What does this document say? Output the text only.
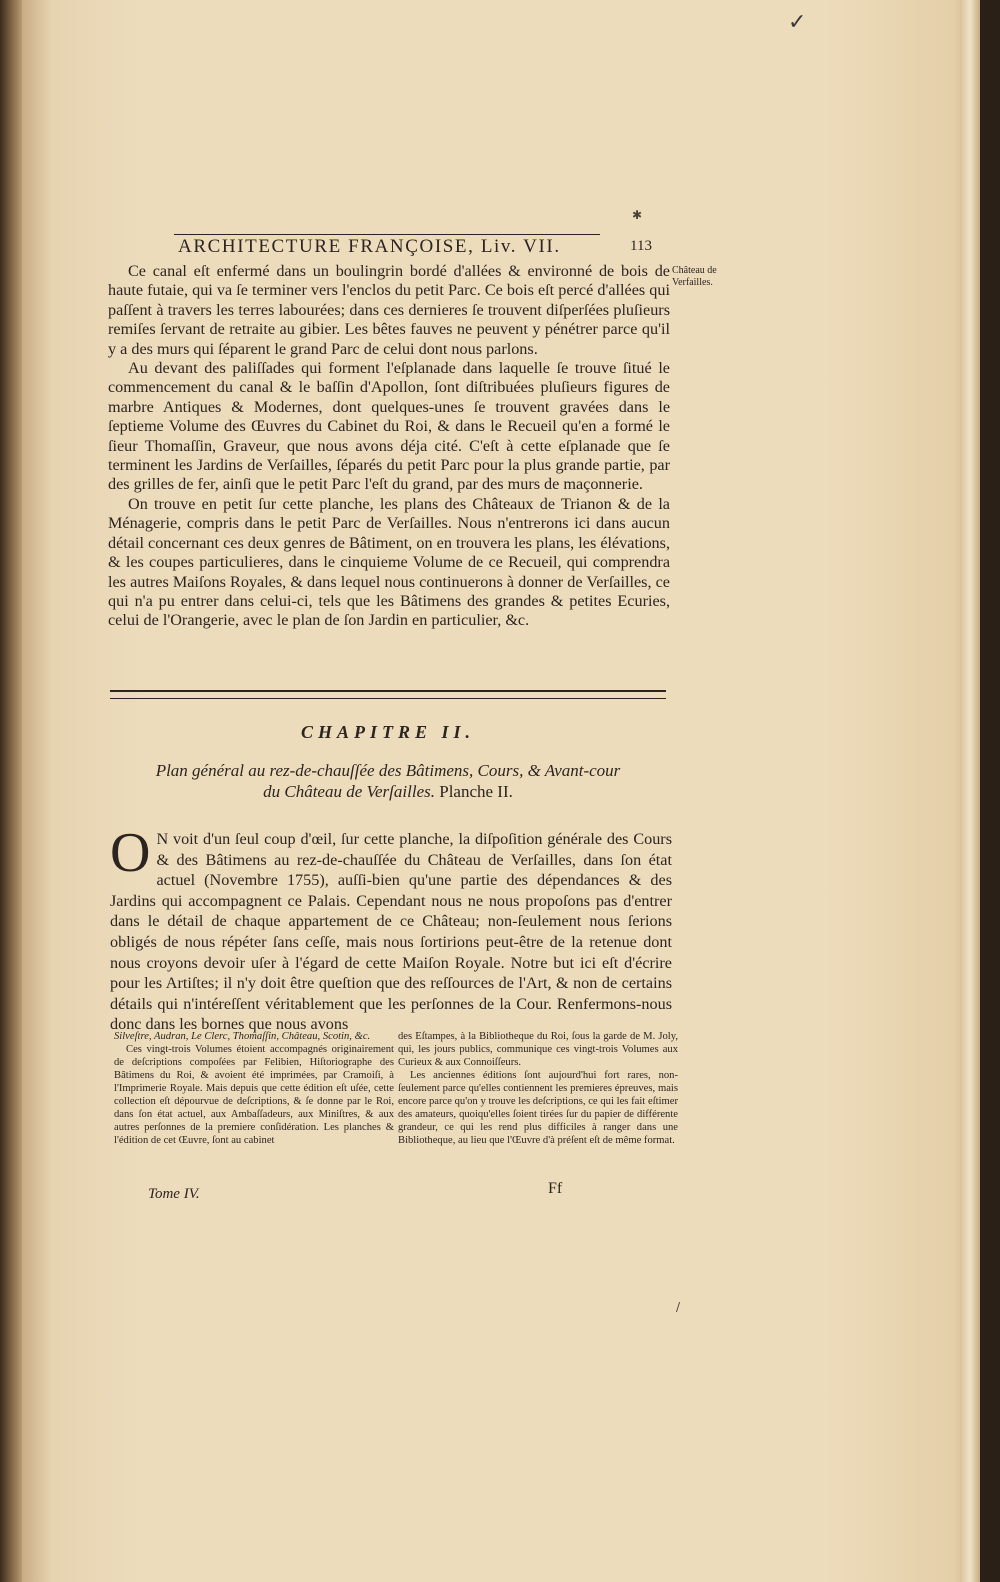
✓
✱
/
ARCHITECTURE FRANÇOISE, Liv. VII.	113
Château de Verfailles.

Ce canal eſt enfermé dans un boulingrin bordé d'allées & environné de bois de haute futaie, qui va ſe terminer vers l'enclos du petit Parc. Ce bois eſt percé d'allées qui paſſent à travers les terres labourées; dans ces dernieres ſe trouvent diſperſées pluſieurs remiſes ſervant de retraite au gibier. Les bêtes fauves ne peuvent y pénétrer parce qu'il y a des murs qui ſéparent le grand Parc de celui dont nous parlons.

Au devant des paliſſades qui forment l'eſplanade dans laquelle ſe trouve ſitué le commencement du canal & le baſſin d'Apollon, ſont diſtribuées pluſieurs figures de marbre Antiques & Modernes, dont quelques-unes ſe trouvent gravées dans le ſeptieme Volume des Œuvres du Cabinet du Roi, & dans le Recueil qu'en a formé le ſieur Thomaſſin, Graveur, que nous avons déja cité. C'eſt à cette eſplanade que ſe terminent les Jardins de Verſailles, ſéparés du petit Parc pour la plus grande partie, par des grilles de fer, ainſi que le petit Parc l'eſt du grand, par des murs de maçonnerie.

On trouve en petit ſur cette planche, les plans des Châteaux de Trianon & de la Ménagerie, compris dans le petit Parc de Verſailles. Nous n'entrerons ici dans aucun détail concernant ces deux genres de Bâtiment, on en trouvera les plans, les élévations, & les coupes particulieres, dans le cinquieme Volume de ce Recueil, qui comprendra les autres Maiſons Royales, & dans lequel nous continuerons à donner de Verſailles, ce qui n'a pu entrer dans celui-ci, tels que les Bâtimens des grandes & petites Ecuries, celui de l'Orangerie, avec le plan de ſon Jardin en particulier, &c.

CHAPITRE II.
Plan général au rez-de-chauſſée des Bâtimens, Cours, & Avant-cour
du Château de Verſailles. Planche II.
O N voit d'un ſeul coup d'œil, ſur cette planche, la diſpoſition générale des Cours & des Bâtimens au rez-de-chauſſée du Château de Verſailles, dans ſon état actuel (Novembre 1755), auſſi-bien qu'une partie des dépendances & des Jardins qui accompagnent ce Palais. Cependant nous ne nous propoſons pas d'entrer dans le détail de chaque appartement de ce Château; non-ſeulement nous ſerions obligés de nous répéter ſans ceſſe, mais nous ſortirions peut-être de la retenue dont nous croyons devoir uſer à l'égard de cette Maiſon Royale. Notre but ici eſt d'écrire pour les Artiſtes; il n'y doit être queſtion que des reſſources de l'Art, & non de certains détails qui n'intéreſſent véritablement que les perſonnes de la Cour. Renfermons-nous donc dans les bornes que nous avons

Silveſtre, Audran, Le Clerc, Thomaſſin, Château, Scotin, &c.

Ces vingt-trois Volumes étoient accompagnés originairement de deſcriptions compoſées par Felibien, Hiſtoriographe des Bâtimens du Roi, & avoient été imprimées, par Cramoiſi, à l'Imprimerie Royale. Mais depuis que cette édition eſt uſée, cette collection eſt dépourvue de deſcriptions, & ſe donne par le Roi, dans ſon état actuel, aux Ambaſſadeurs, aux Miniſtres, & aux autres perſonnes de la premiere conſidération. Les planches & l'édition de cet Œuvre, ſont au cabinet

des Eſtampes, à la Bibliotheque du Roi, ſous la garde de M. Joly, qui, les jours publics, communique ces vingt-trois Volumes aux Curieux & aux Connoiſſeurs.

Les anciennes éditions ſont aujourd'hui fort rares, non-ſeulement parce qu'elles contiennent les premieres épreuves, mais encore parce qu'on y trouve les deſcriptions, ce qui les fait eſtimer des amateurs, quoiqu'elles ſoient tirées ſur du papier de différente grandeur, ce qui les rend plus difficiles à ranger dans une Bibliotheque, au lieu que l'Œuvre d'à préſent eſt de même format.

Tome IV.	Ff
